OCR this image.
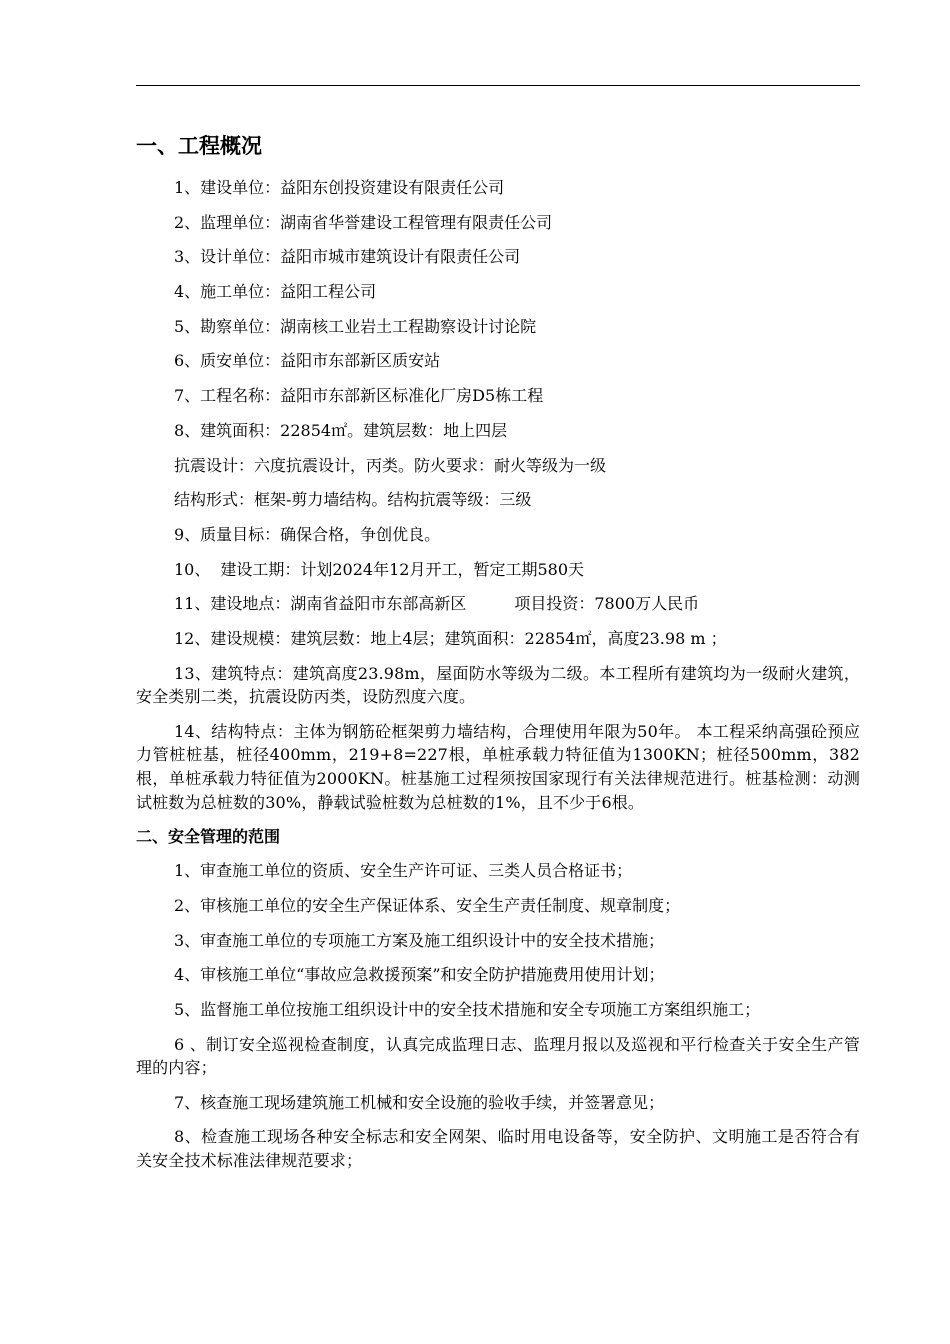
一、工程概况
1、建设单位：益阳东创投资建设有限责任公司
2、监理单位：湖南省华誉建设工程管理有限责任公司
3、设计单位：益阳市城市建筑设计有限责任公司
4、施工单位：益阳工程公司
5、勘察单位：湖南核工业岩土工程勘察设计讨论院
6、质安单位：益阳市东部新区质安站
7、工程名称：益阳市东部新区标准化厂房D5栋工程
8、建筑面积：22854㎡。建筑层数：地上四层
抗震设计：六度抗震设计，丙类。防火要求：耐火等级为一级
结构形式：框架-剪力墙结构。结构抗震等级：三级
9、质量目标：确保合格，争创优良。
10、 建设工期：计划2024年12月开工，暂定工期580天
11、建设地点：湖南省益阳市东部高新区	项目投资：7800万人民币
12、建设规模：建筑层数：地上4层；建筑面积：22854㎡，高度23.98 m ；
13、建筑特点：建筑高度23.98m，屋面防水等级为二级。本工程所有建筑均为一级耐火建筑，安全类别二类，抗震设防丙类，设防烈度六度。
14、结构特点：主体为钢筋砼框架剪力墙结构，合理使用年限为50年。 本工程采纳高强砼预应力管桩桩基，桩径400mm，219+8=227根，单桩承载力特征值为1300KN；桩径500mm，382根，单桩承载力特征值为2000KN。桩基施工过程须按国家现行有关法律规范进行。桩基检测：动测试桩数为总桩数的30%，静载试验桩数为总桩数的1%，且不少于6根。
二、安全管理的范围
1、审查施工单位的资质、安全生产许可证、三类人员合格证书；
2、审核施工单位的安全生产保证体系、安全生产责任制度、规章制度；
3、审查施工单位的专项施工方案及施工组织设计中的安全技术措施；
4、审核施工单位“事故应急救援预案”和安全防护措施费用使用计划；
5、监督施工单位按施工组织设计中的安全技术措施和安全专项施工方案组织施工；
6 、制订安全巡视检查制度，认真完成监理日志、监理月报以及巡视和平行检查关于安全生产管理的内容；
7、核查施工现场建筑施工机械和安全设施的验收手续，并签署意见；
8、检查施工现场各种安全标志和安全网架、临时用电设备等，安全防护、文明施工是否符合有关安全技术标准法律规范要求；
